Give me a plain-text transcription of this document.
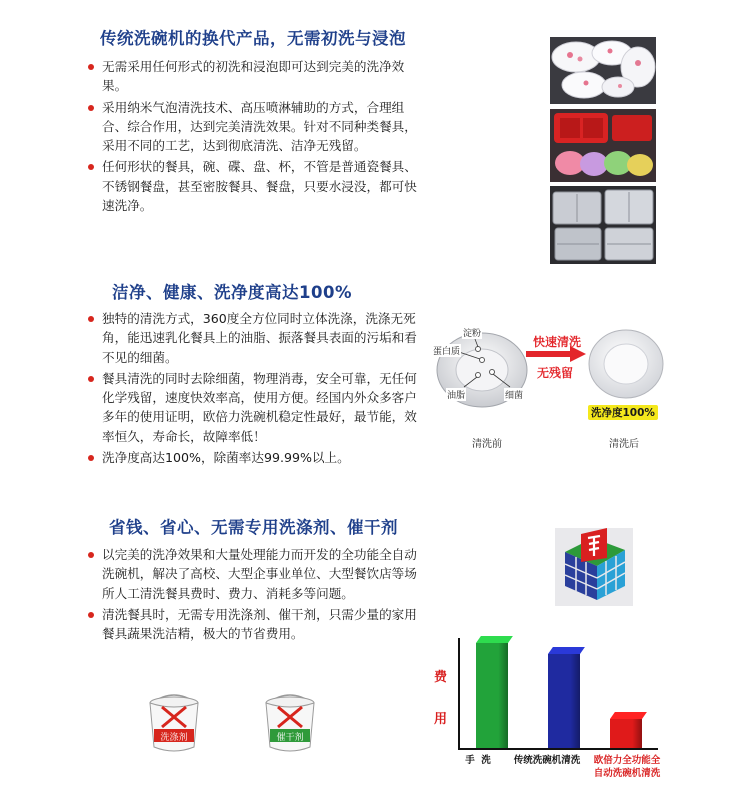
传统洗碗机的换代产品，无需初洗与浸泡
无需采用任何形式的初洗和浸泡即可达到完美的洗净效果。
采用纳米气泡清洗技术、高压喷淋辅助的方式，合理组合、综合作用，达到完美清洗效果。针对不同种类餐具，采用不同的工艺，达到彻底清洗、洁净无残留。
任何形状的餐具，碗、碟、盘、杯，不管是普通瓷餐具、不锈钢餐盘，甚至密胺餐具、餐盘，只要水浸没，都可快速洗净。
洁净、健康、洗净度高达100%
独特的清洗方式，360度全方位同时立体洗涤，洗涤无死角，能迅速乳化餐具上的油脂、振落餐具表面的污垢和看不见的细菌。
餐具清洗的同时去除细菌，物理消毒，安全可靠，无任何化学残留，速度快效率高，使用方便。经国内外众多客户多年的使用证明，欧倍力洗碗机稳定性最好，最节能，效率恒久，寿命长，故障率低！
洗净度高达100%，除菌率达99.99%以上。
淀粉
蛋白质
油脂	细菌
快速清洗
无残留
洗净度100%
清洗前	清洗后
省钱、省心、无需专用洗涤剂、催干剂
以完美的洗净效果和大量处理能力而开发的全功能全自动洗碗机，解决了高校、大型企事业单位、大型餐饮店等场所人工清洗餐具费时、费力、消耗多等问题。
清洗餐具时，无需专用洗涤剂、催干剂，只需少量的家用餐具蔬果洗洁精，极大的节省费用。
洗涤剂	催干剂
费
用
手  洗	传统洗碗机清洗	欧倍力全功能全
自动洗碗机清洗
